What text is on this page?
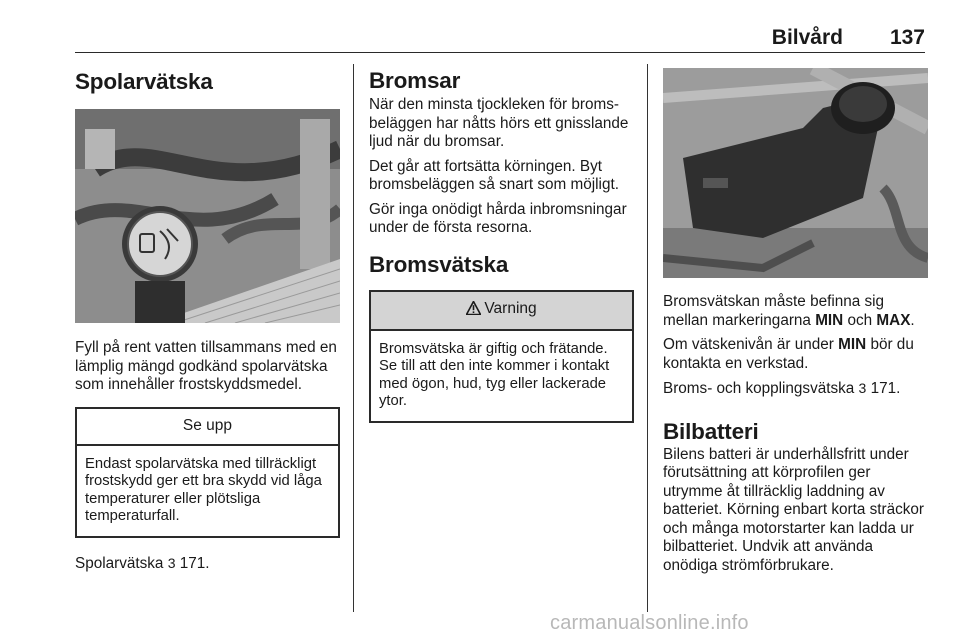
Bilvård 137
Spolarvätska

Fyll på rent vatten tillsammans med en lämplig mängd godkänd spolarvätska som innehåller frostskyddsmedel.

Se upp
Endast spolarvätska med tillräckligt frostskydd ger ett bra skydd vid låga temperaturer eller plötsliga temperaturfall.

Spolarvätska 3 171.

Bromsar

När den minsta tjockleken för bromsbeläggen har nåtts hörs ett gnisslande ljud när du bromsar.

Det går att fortsätta körningen. Byt bromsbeläggen så snart som möjligt.

Gör inga onödigt hårda inbromsningar under de första resorna.

Bromsvätska
Varning
Bromsvätska är giftig och frätande. Se till att den inte kommer i kontakt med ögon, hud, tyg eller lackerade ytor.

Bromsvätskan måste befinna sig mellan markeringarna MIN och MAX.

Om vätskenivån är under MIN bör du kontakta en verkstad.

Broms- och kopplingsvätska 3 171.

Bilbatteri

Bilens batteri är underhållsfritt under förutsättning att körprofilen ger utrymme åt tillräcklig laddning av batteriet. Körning enbart korta sträckor och många motorstarter kan ladda ur bilbatteriet. Undvik att använda onödiga strömförbrukare.

carmanualsonline.info
